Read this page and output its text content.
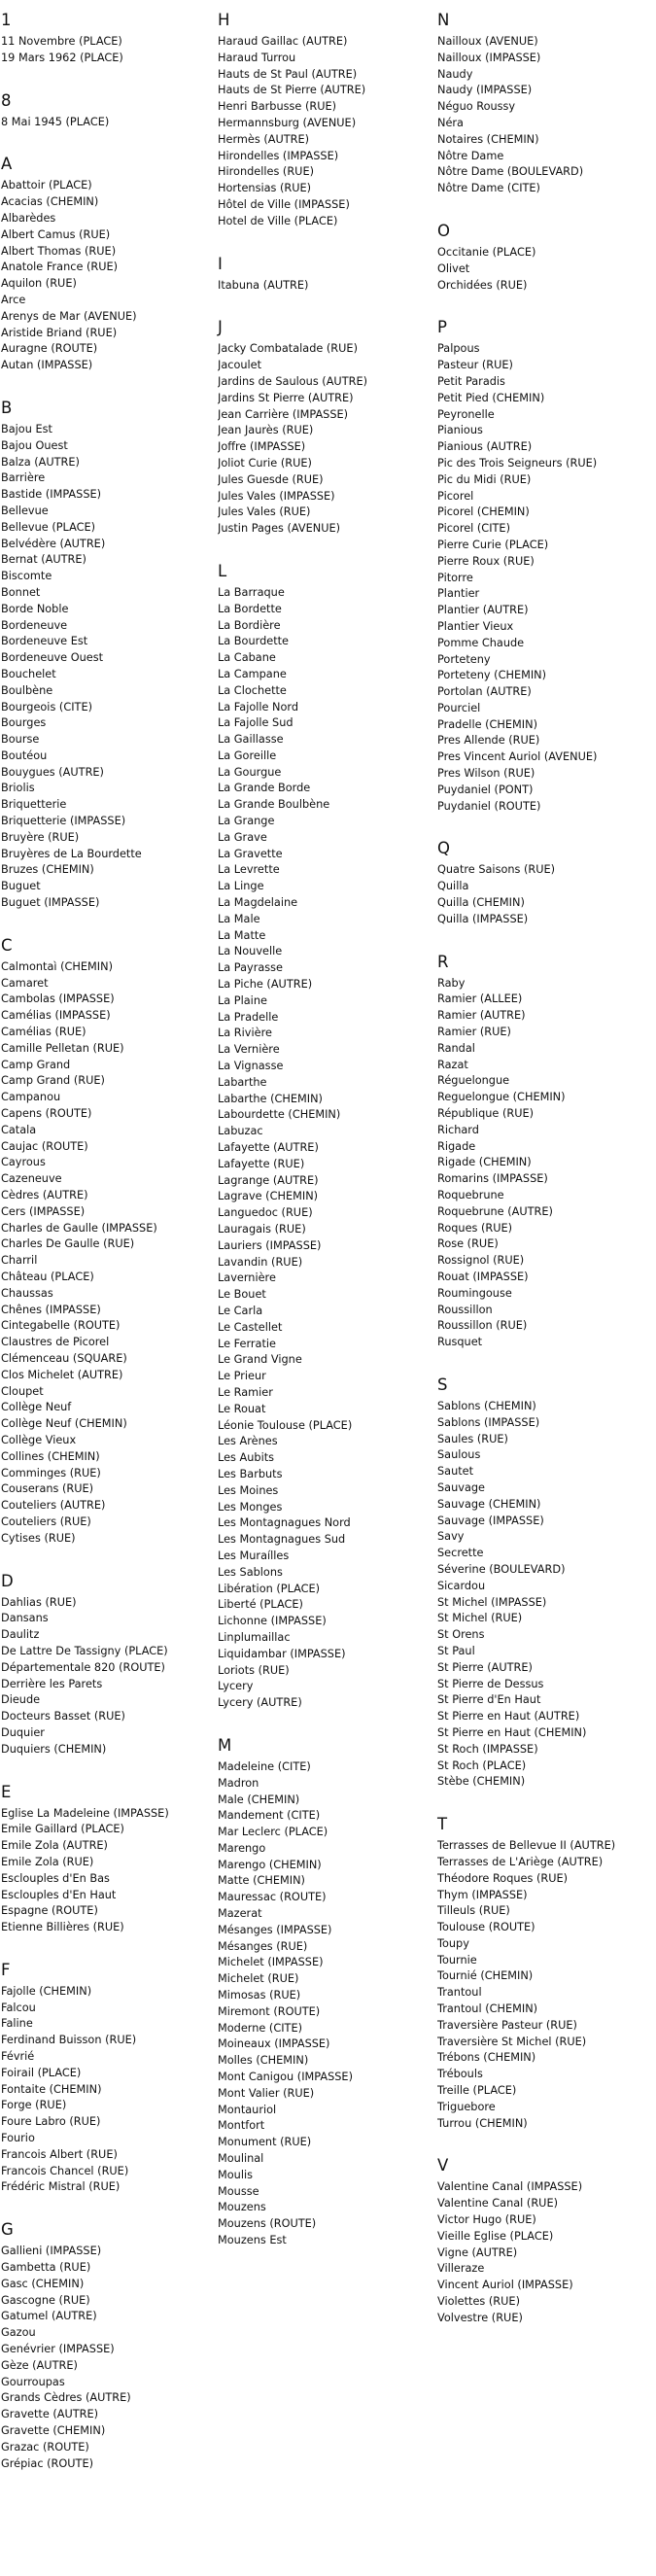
1
11 Novembre (PLACE)
19 Mars 1962 (PLACE)
8
8 Mai 1945 (PLACE)
A
Abattoir (PLACE)
Acacias (CHEMIN)
Albarèdes
Albert Camus (RUE)
Albert Thomas (RUE)
Anatole France (RUE)
Aquilon (RUE)
Arce
Arenys de Mar (AVENUE)
Aristide Briand (RUE)
Auragne (ROUTE)
Autan (IMPASSE)
B
Bajou Est
Bajou Ouest
Balza (AUTRE)
Barrière
Bastide (IMPASSE)
Bellevue
Bellevue (PLACE)
Belvédère (AUTRE)
Bernat (AUTRE)
Biscomte
Bonnet
Borde Noble
Bordeneuve
Bordeneuve Est
Bordeneuve Ouest
Bouchelet
Boulbène
Bourgeois (CITE)
Bourges
Bourse
Boutéou
Bouygues (AUTRE)
Briolis
Briquetterie
Briquetterie (IMPASSE)
Bruyère (RUE)
Bruyères de La Bourdette
Bruzes (CHEMIN)
Buguet
Buguet (IMPASSE)
C
Calmontaì (CHEMIN)
Camaret
Cambolas (IMPASSE)
Camélias (IMPASSE)
Camélias (RUE)
Camille Pelletan (RUE)
Camp Grand
Camp Grand (RUE)
Campanou
Capens (ROUTE)
Catala
Caujac (ROUTE)
Cayrous
Cazeneuve
Cèdres (AUTRE)
Cers (IMPASSE)
Charles de Gaulle (IMPASSE)
Charles De Gaulle (RUE)
Charril
Château (PLACE)
Chaussas
Chênes (IMPASSE)
Cintegabelle (ROUTE)
Claustres de Picorel
Clémenceau (SQUARE)
Clos Michelet (AUTRE)
Cloupet
Collège Neuf
Collège Neuf (CHEMIN)
Collège Vieux
Collines (CHEMIN)
Comminges (RUE)
Couserans (RUE)
Couteliers (AUTRE)
Couteliers (RUE)
Cytises (RUE)
D
Dahlias (RUE)
Dansans
Daulitz
De Lattre De Tassigny (PLACE)
Départementale 820 (ROUTE)
Derrière les Parets
Dieude
Docteurs Basset (RUE)
Duquier
Duquiers (CHEMIN)
E
Eglise La Madeleine (IMPASSE)
Emile Gaillard (PLACE)
Emile Zola (AUTRE)
Emile Zola (RUE)
Esclouples d'En Bas
Esclouples d'En Haut
Espagne (ROUTE)
Etienne Billières (RUE)
F
Fajolle (CHEMIN)
Falcou
Faline
Ferdinand Buisson (RUE)
Févrié
Foirail (PLACE)
Fontaite (CHEMIN)
Forge (RUE)
Foure Labro (RUE)
Fourio
Francois Albert (RUE)
Francois Chancel (RUE)
Frédéric Mistral (RUE)
G
Gallieni (IMPASSE)
Gambetta (RUE)
Gasc (CHEMIN)
Gascogne (RUE)
Gatumel (AUTRE)
Gazou
Genévrier (IMPASSE)
Gèze (AUTRE)
Gourroupas
Grands Cèdres (AUTRE)
Gravette (AUTRE)
Gravette (CHEMIN)
Grazac (ROUTE)
Grépiac (ROUTE)
H
Haraud Gaillac (AUTRE)
Haraud Turrou
Hauts de St Paul (AUTRE)
Hauts de St Pierre (AUTRE)
Henri Barbusse (RUE)
Hermannsburg (AVENUE)
Hermès (AUTRE)
Hirondelles (IMPASSE)
Hirondelles (RUE)
Hortensias (RUE)
Hôtel de Ville (IMPASSE)
Hotel de Ville (PLACE)
I
Itabuna (AUTRE)
J
Jacky Combatalade (RUE)
Jacoulet
Jardins de Saulous (AUTRE)
Jardins St Pierre (AUTRE)
Jean Carrière (IMPASSE)
Jean Jaurès (RUE)
Joffre (IMPASSE)
Joliot Curie (RUE)
Jules Guesde (RUE)
Jules Vales (IMPASSE)
Jules Vales (RUE)
Justin Pages (AVENUE)
L
La Barraque
La Bordette
La Bordière
La Bourdette
La Cabane
La Campane
La Clochette
La Fajolle Nord
La Fajolle Sud
La Gaillasse
La Goreille
La Gourgue
La Grande Borde
La Grande Boulbène
La Grange
La Grave
La Gravette
La Levrette
La Linge
La Magdelaine
La Male
La Matte
La Nouvelle
La Payrasse
La Piche (AUTRE)
La Plaine
La Pradelle
La Rivière
La Vernière
La Vignasse
Labarthe
Labarthe (CHEMIN)
Labourdette (CHEMIN)
Labuzac
Lafayette (AUTRE)
Lafayette (RUE)
Lagrange (AUTRE)
Lagrave (CHEMIN)
Languedoc (RUE)
Lauragais (RUE)
Lauriers (IMPASSE)
Lavandin (RUE)
Lavernière
Le Bouet
Le Carla
Le Castellet
Le Ferratie
Le Grand Vigne
Le Prieur
Le Ramier
Le Rouat
Léonie Toulouse (PLACE)
Les Arènes
Les Aubits
Les Barbuts
Les Moines
Les Monges
Les Montagnagues Nord
Les Montagnagues Sud
Les Muraílles
Les Sablons
Libération (PLACE)
Liberté (PLACE)
Lichonne (IMPASSE)
Linplumaillac
Liquidambar (IMPASSE)
Loriots (RUE)
Lycery
Lycery (AUTRE)
M
Madeleine (CITE)
Madron
Male (CHEMIN)
Mandement (CITE)
Mar Leclerc (PLACE)
Marengo
Marengo (CHEMIN)
Matte (CHEMIN)
Mauressac (ROUTE)
Mazerat
Mésanges (IMPASSE)
Mésanges (RUE)
Michelet (IMPASSE)
Michelet (RUE)
Mimosas (RUE)
Miremont (ROUTE)
Moderne (CITE)
Moineaux (IMPASSE)
Molles (CHEMIN)
Mont Canigou (IMPASSE)
Mont Valier (RUE)
Montauriol
Montfort
Monument (RUE)
Moulinal
Moulis
Mousse
Mouzens
Mouzens (ROUTE)
Mouzens Est
N
Nailloux (AVENUE)
Nailloux (IMPASSE)
Naudy
Naudy (IMPASSE)
Néguo Roussy
Néra
Notaires (CHEMIN)
Nôtre Dame
Nôtre Dame (BOULEVARD)
Nôtre Dame (CITE)
O
Occitanie (PLACE)
Olivet
Orchidées (RUE)
P
Palpous
Pasteur (RUE)
Petit Paradis
Petit Pied (CHEMIN)
Peyronelle
Pianious
Pianious (AUTRE)
Pic des Trois Seigneurs (RUE)
Pic du Midi (RUE)
Picorel
Picorel (CHEMIN)
Picorel (CITE)
Pierre Curie (PLACE)
Pierre Roux (RUE)
Pitorre
Plantier
Plantier (AUTRE)
Plantier Vieux
Pomme Chaude
Porteteny
Porteteny (CHEMIN)
Portolan (AUTRE)
Pourciel
Pradelle (CHEMIN)
Pres Allende (RUE)
Pres Vincent Auriol (AVENUE)
Pres Wilson (RUE)
Puydaniel (PONT)
Puydaniel (ROUTE)
Q
Quatre Saisons (RUE)
Quilla
Quilla (CHEMIN)
Quilla (IMPASSE)
R
Raby
Ramier (ALLEE)
Ramier (AUTRE)
Ramier (RUE)
Randal
Razat
Réguelongue
Reguelongue (CHEMIN)
République (RUE)
Richard
Rigade
Rigade (CHEMIN)
Romarins (IMPASSE)
Roquebrune
Roquebrune (AUTRE)
Roques (RUE)
Rose (RUE)
Rossignol (RUE)
Rouat (IMPASSE)
Roumingouse
Roussillon
Roussillon (RUE)
Rusquet
S
Sablons (CHEMIN)
Sablons (IMPASSE)
Saules (RUE)
Saulous
Sautet
Sauvage
Sauvage (CHEMIN)
Sauvage (IMPASSE)
Savy
Secrette
Séverine (BOULEVARD)
Sicardou
St Michel (IMPASSE)
St Michel (RUE)
St Orens
St Paul
St Pierre (AUTRE)
St Pierre de Dessus
St Pierre d'En Haut
St Pierre en Haut (AUTRE)
St Pierre en Haut (CHEMIN)
St Roch (IMPASSE)
St Roch (PLACE)
Stèbe (CHEMIN)
T
Terrasses de Bellevue II (AUTRE)
Terrasses de L'Ariège (AUTRE)
Théodore Roques (RUE)
Thym (IMPASSE)
Tilleuls (RUE)
Toulouse (ROUTE)
Toupy
Tournie
Tournié (CHEMIN)
Trantoul
Trantoul (CHEMIN)
Traversière Pasteur (RUE)
Traversière St Michel (RUE)
Trébons (CHEMIN)
Trébouls
Treille (PLACE)
Triguebore
Turrou (CHEMIN)
V
Valentine Canal (IMPASSE)
Valentine Canal (RUE)
Victor Hugo (RUE)
Vieille Eglise (PLACE)
Vigne (AUTRE)
Villeraze
Vincent Auriol (IMPASSE)
Violettes (RUE)
Volvestre (RUE)
